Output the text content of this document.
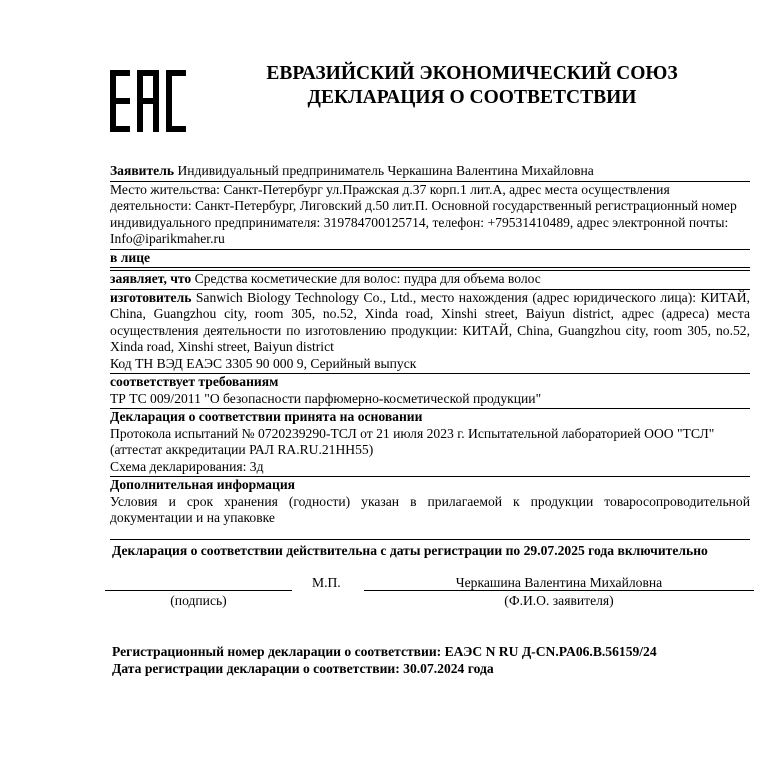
ЕВРАЗИЙСКИЙ ЭКОНОМИЧЕСКИЙ СОЮЗ
ДЕКЛАРАЦИЯ О СООТВЕТСТВИИ
Заявитель Индивидуальный предприниматель Черкашина Валентина Михайловна
Место жительства: Санкт-Петербург ул.Пражская д.37 корп.1 лит.А, адрес места осуществления деятельности: Санкт-Петербург, Лиговский д.50 лит.П. Основной государственный регистрационный номер индивидуального предпринимателя: 319784700125714, телефон: +79531410489, адрес электронной почты: Info@iparikmaher.ru
в лице
заявляет, что Средства косметические для волос: пудра для объема волос
изготовитель Sanwich Biology Technology Co., Ltd., место нахождения (адрес юридического лица): КИТАЙ, China, Guangzhou city, room 305, no.52, Xinda road, Xinshi street, Baiyun district, адрес (адреса) места осуществления деятельности по изготовлению продукции: КИТАЙ, China, Guangzhou city, room 305, no.52, Xinda road, Xinshi street, Baiyun district
Код ТН ВЭД ЕАЭС 3305 90 000 9, Серийный выпуск
соответствует требованиям
ТР ТС 009/2011 "О безопасности парфюмерно-косметической продукции"
Декларация о соответствии принята на основании
Протокола испытаний № 0720239290-ТСЛ от 21 июля 2023 г. Испытательной лабораторией ООО "ТСЛ" (аттестат аккредитации РАЛ RA.RU.21HH55)
Схема декларирования: 3д
Дополнительная информация
Условия и срок хранения (годности) указан в прилагаемой к продукции товаросопроводительной документации и на упаковке
Декларация о соответствии действительна с даты регистрации по 29.07.2025 года включительно
М.П.	Черкашина Валентина Михайловна
(подпись)	(Ф.И.О. заявителя)
Регистрационный номер декларации о соответствии: ЕАЭС N RU Д-CN.PA06.B.56159/24
Дата регистрации декларации о соответствии: 30.07.2024 года
